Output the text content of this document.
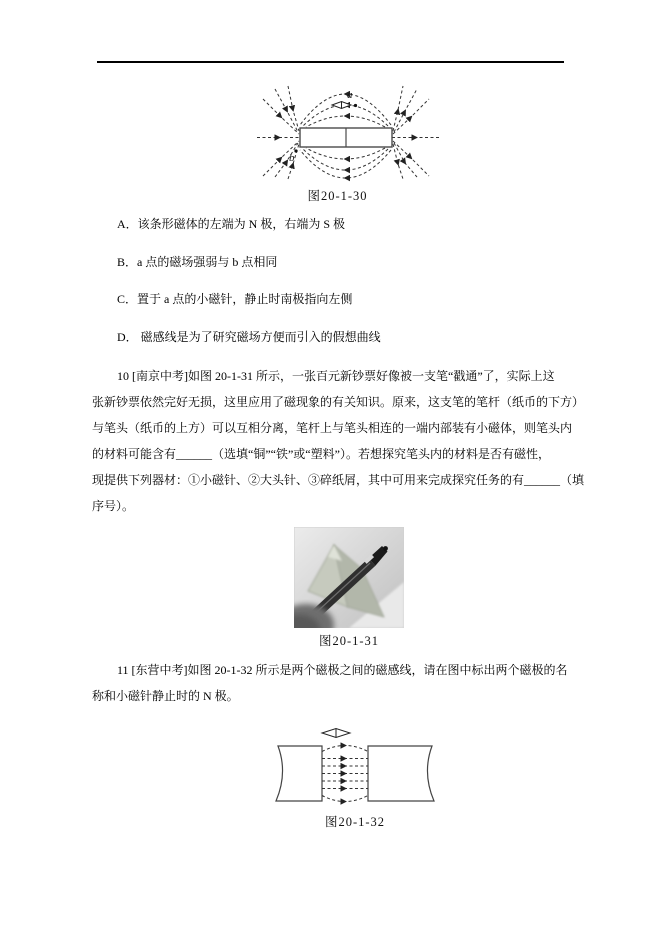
a
b
图20-1-30
A．该条形磁体的左端为 N 极，右端为 S 极
B．a 点的磁场强弱与 b 点相同
C．置于 a 点的小磁针，静止时南极指向左侧
D． 磁感线是为了研究磁场方便而引入的假想曲线
10 [南京中考]如图 20-1-31 所示，一张百元新钞票好像被一支笔“戳通”了，实际上这
张新钞票依然完好无损，这里应用了磁现象的有关知识。原来，这支笔的笔杆（纸币的下方）
与笔头（纸币的上方）可以互相分离，笔杆上与笔头相连的一端内部装有小磁体，则笔头内
的材料可能含有______（选填“铜”“铁”或“塑料”）。若想探究笔头内的材料是否有磁性，
现提供下列器材：①小磁针、②大头针、③碎纸屑，其中可用来完成探究任务的有______（填
序号）。
图20-1-31
11 [东营中考]如图 20-1-32 所示是两个磁极之间的磁感线，请在图中标出两个磁极的名
称和小磁针静止时的 N 极。
图20-1-32
